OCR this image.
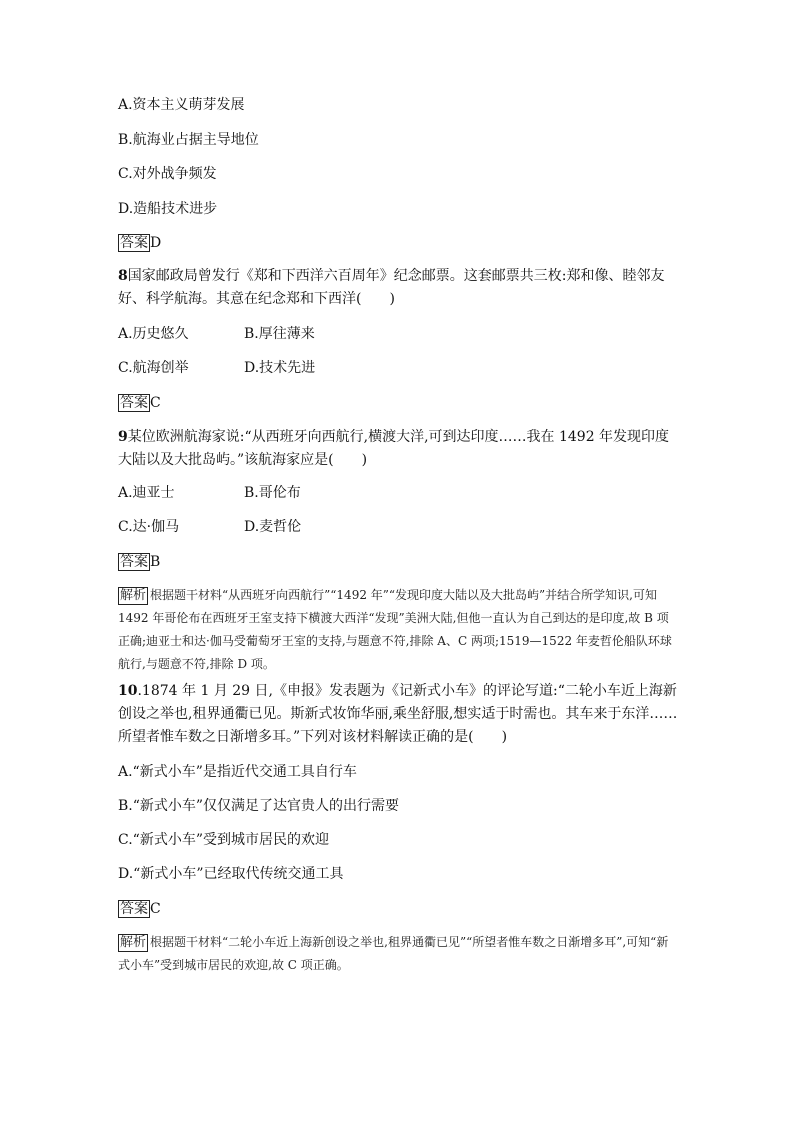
A.资本主义萌芽发展
B.航海业占据主导地位
C.对外战争频发
D.造船技术进步
答案 D
8国家邮政局曾发行《郑和下西洋六百周年》纪念邮票。这套邮票共三枚:郑和像、睦邻友好、科学航海。其意在纪念郑和下西洋(　　)
A.历史悠久	B.厚往薄来
C.航海创举	D.技术先进
答案 C
9某位欧洲航海家说:“从西班牙向西航行,横渡大洋,可到达印度……我在 1492 年发现印度大陆以及大批岛屿。”该航海家应是(　　)
A.迪亚士	B.哥伦布
C.达·伽马	D.麦哲伦
答案 B
解析 根据题干材料“从西班牙向西航行”“1492 年”“发现印度大陆以及大批岛屿”并结合所学知识,可知 1492 年哥伦布在西班牙王室支持下横渡大西洋“发现”美洲大陆,但他一直认为自己到达的是印度,故 B 项正确;迪亚士和达·伽马受葡萄牙王室的支持,与题意不符,排除 A、C 两项;1519—1522 年麦哲伦船队环球航行,与题意不符,排除 D 项。
10.1874 年 1 月 29 日,《申报》发表题为《记新式小车》的评论写道:“二轮小车近上海新创设之举也,租界通衢已见。斯新式妆饰华丽,乘坐舒服,想实适于时需也。其车来于东洋……所望者惟车数之日渐增多耳。”下列对该材料解读正确的是(　　)
A.“新式小车”是指近代交通工具自行车
B.“新式小车”仅仅满足了达官贵人的出行需要
C.“新式小车”受到城市居民的欢迎
D.“新式小车”已经取代传统交通工具
答案 C
解析 根据题干材料“二轮小车近上海新创设之举也,租界通衢已见”“所望者惟车数之日渐增多耳”,可知“新式小车”受到城市居民的欢迎,故 C 项正确。
